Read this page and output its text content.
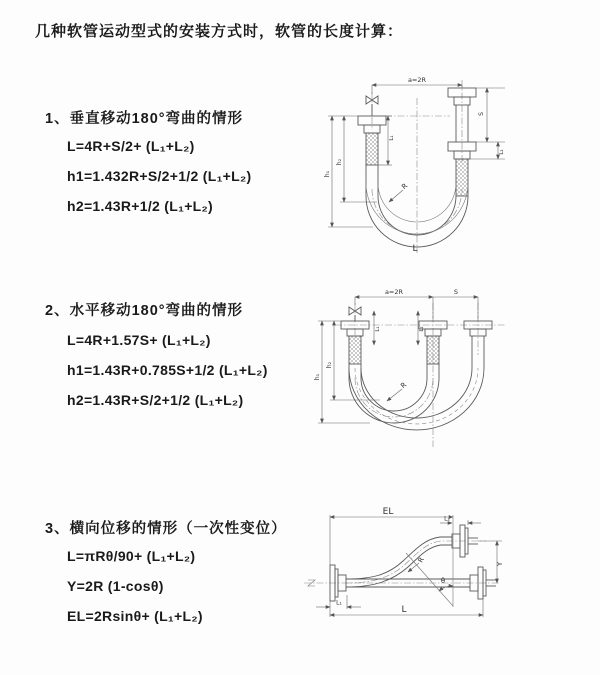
几种软管运动型式的安装方式时，软管的长度计算：
1、垂直移动180°弯曲的情形
L=4R+S/2+ (L₁+L₂)
h1=1.432R+S/2+1/2 (L₁+L₂)
h2=1.43R+1/2 (L₁+L₂)
2、水平移动180°弯曲的情形
L=4R+1.57S+ (L₁+L₂)
h1=1.43R+0.785S+1/2 (L₁+L₂)
h2=1.43R+S/2+1/2 (L₁+L₂)
3、横向位移的情形（一次性变位）
L=πRθ/90+ (L₁+L₂)
Y=2R (1-cosθ)
EL=2Rsinθ+ (L₁+L₂)
a=2R
h₁
h₂
L₁
S
L₂
R
L
a=2R	S
h₁
h₂
L₁	L₂
R
EL
L₂
Y
L
L₁
R
θ
